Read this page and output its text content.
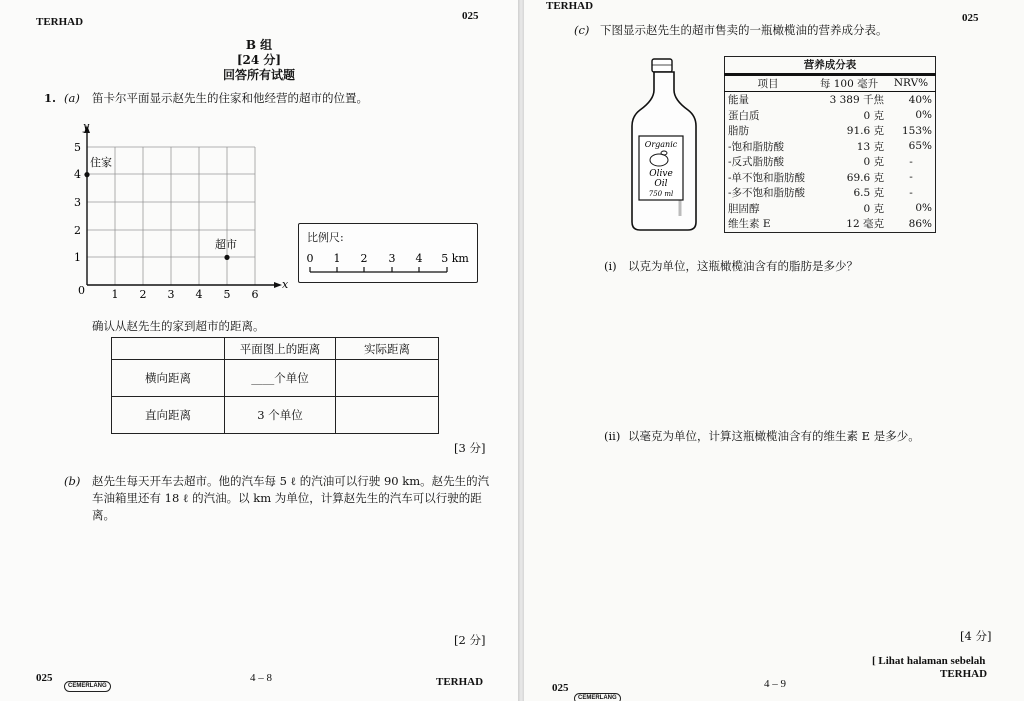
TERHAD	025
B 组
[24 分]
回答所有试题
1. (a) 笛卡尔平面显示赵先生的住家和他经营的超市的位置。
x
y
0 1 2 3 4 5 6
1
2
3
4
5
住家
超市
比例尺:
0 1 2 3 4 5 km
确认从赵先生的家到超市的距离。
	平面图上的距离	实际距离
横向距离	____个单位	
直向距离	3 个单位	
[3 分]
(b) 赵先生每天开车去超市。他的汽车每 5 ℓ 的汽油可以行驶 90 km。赵先生的汽车油箱里还有 18 ℓ 的汽油。以 km 为单位，计算赵先生的汽车可以行驶的距离。
[2 分]
025
CEMERLANG
4 – 8	TERHAD
TERHAD
025
(c) 下图显示赵先生的超市售卖的一瓶橄榄油的营养成分表。
Organic
Olive
Oil
750 ml
营养成分表		
项目	每 100 毫升	NRV%
能量	3 389 千焦	40%
蛋白质	0 克	0%
脂肪	91.6 克	153%
-饱和脂肪酸	13 克	65%
-反式脂肪酸	0 克	-
-单不饱和脂肪酸	69.6 克	-
-多不饱和脂肪酸	6.5 克	-
胆固醇	0 克	0%
维生素 E	12 毫克	86%
(i) 以克为单位，这瓶橄榄油含有的脂肪是多少？
(ii) 以毫克为单位，计算这瓶橄榄油含有的维生素 E 是多少。
[4 分]
[ Lihat halaman sebelah
TERHAD
025
CEMERLANG
4 – 9
